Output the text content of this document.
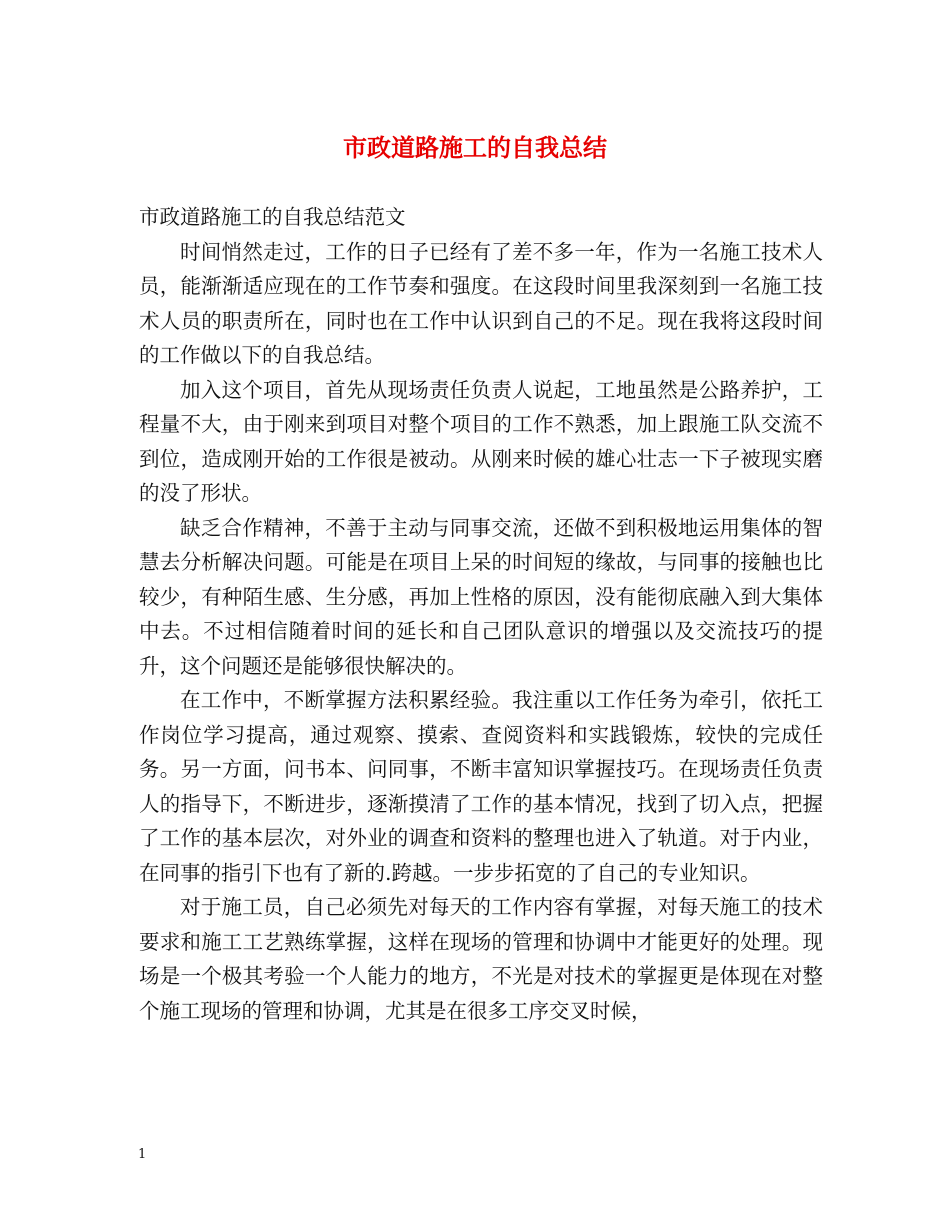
市政道路施工的自我总结

市政道路施工的自我总结范文

时间悄然走过，工作的日子已经有了差不多一年，作为一名施工技术人员，能渐渐适应现在的工作节奏和强度。在这段时间里我深刻到一名施工技术人员的职责所在，同时也在工作中认识到自己的不足。现在我将这段时间的工作做以下的自我总结。

加入这个项目，首先从现场责任负责人说起，工地虽然是公路养护，工程量不大，由于刚来到项目对整个项目的工作不熟悉，加上跟施工队交流不到位，造成刚开始的工作很是被动。从刚来时候的雄心壮志一下子被现实磨的没了形状。

缺乏合作精神，不善于主动与同事交流，还做不到积极地运用集体的智慧去分析解决问题。可能是在项目上呆的时间短的缘故，与同事的接触也比较少，有种陌生感、生分感，再加上性格的原因，没有能彻底融入到大集体中去。不过相信随着时间的延长和自己团队意识的增强以及交流技巧的提升，这个问题还是能够很快解决的。

在工作中，不断掌握方法积累经验。我注重以工作任务为牵引，依托工作岗位学习提高，通过观察、摸索、查阅资料和实践锻炼，较快的完成任务。另一方面，问书本、问同事，不断丰富知识掌握技巧。在现场责任负责人的指导下，不断进步，逐渐摸清了工作的基本情况，找到了切入点，把握了工作的基本层次，对外业的调查和资料的整理也进入了轨道。对于内业，在同事的指引下也有了新的.跨越。一步步拓宽的了自己的专业知识。

对于施工员，自己必须先对每天的工作内容有掌握，对每天施工的技术要求和施工工艺熟练掌握，这样在现场的管理和协调中才能更好的处理。现场是一个极其考验一个人能力的地方，不光是对技术的掌握更是体现在对整个施工现场的管理和协调，尤其是在很多工序交叉时候，

1
